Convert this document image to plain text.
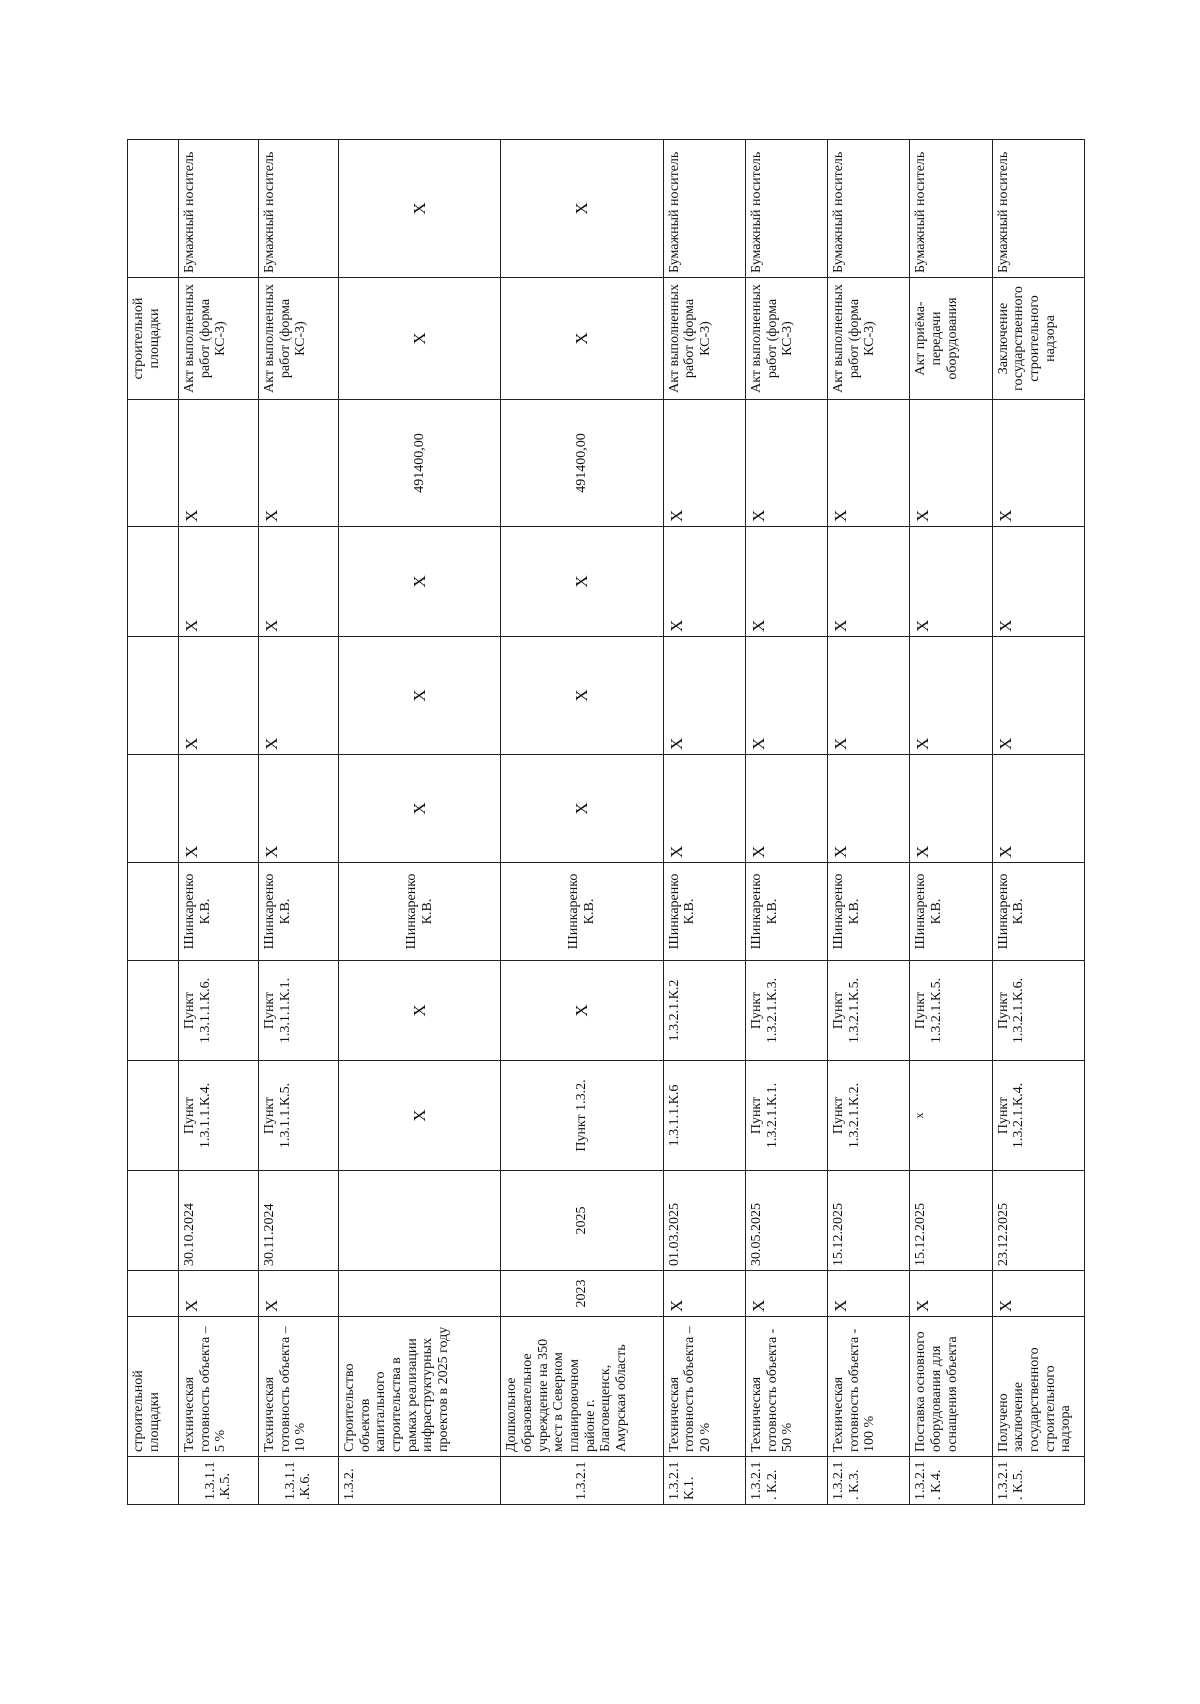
	строительной площадки										строительной площадки	
1.3.1.1.К.5.	Техническая готовность объекта – 5 %	X	30.10.2024	Пункт 1.3.1.1.К.4.	Пункт 1.3.1.1.К.6.	Шинкаренко К.В.	X	X	X	X	Акт выполненных работ (форма КС-3)	Бумажный носитель
1.3.1.1.К.6.	Техническая готовность объекта – 10 %	X	30.11.2024	Пункт 1.3.1.1.К.5.	Пункт 1.3.1.1.К.1.	Шинкаренко К.В.	X	X	X	X	Акт выполненных работ (форма КС-3)	Бумажный носитель
1.3.2.	Строительство объектов капитального строительства в рамках реализации инфраструктурных проектов в 2025 году			X	X	Шинкаренко К.В.	X	X	X	491400,00	X	X
1.3.2.1	Дошкольное образовательное учреждение на 350 мест в Северном планировочном районе г. Благовещенск, Амурская область	2023	2025	Пункт 1.3.2.	X	Шинкаренко К.В.	X	X	X	491400,00	X	X
1.3.2.1 К.1.	Техническая готовность объекта – 20 %	X	01.03.2025	1.3.1.1.К.6	1.3.2.1.К.2	Шинкаренко К.В.	X	X	X	X	Акт выполненных работ (форма КС-3)	Бумажный носитель
1.3.2.1. К.2.	Техническая готовность объекта - 50 %	X	30.05.2025	Пункт 1.3.2.1.К.1.	Пункт 1.3.2.1.К.3.	Шинкаренко К.В.	X	X	X	X	Акт выполненных работ (форма КС-3)	Бумажный носитель
1.3.2.1. К.3.	Техническая готовность объекта - 100 %	X	15.12.2025	Пункт 1.3.2.1.К.2.	Пункт 1.3.2.1.К.5.	Шинкаренко К.В.	X	X	X	X	Акт выполненных работ (форма КС-3)	Бумажный носитель
1.3.2.1. К.4.	Поставка основного оборудования для оснащения объекта	X	15.12.2025	x	Пункт 1.3.2.1.К.5.	Шинкаренко К.В.	X	X	X	X	Акт приёма-передачи оборудования	Бумажный носитель
1.3.2.1. К.5.	Получено заключение государственного строительного надзора	X	23.12.2025	Пункт 1.3.2.1.К.4.	Пункт 1.3.2.1.К.6.	Шинкаренко К.В.	X	X	X	X	Заключение государственного строительного надзора	Бумажный носитель
